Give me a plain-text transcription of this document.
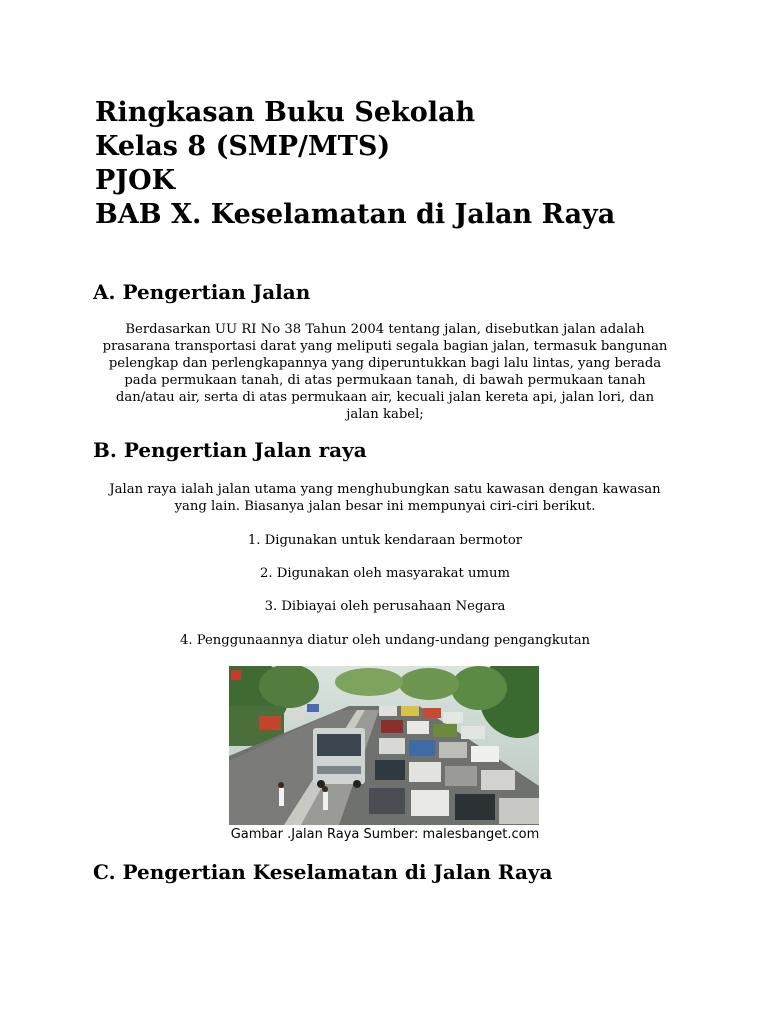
Ringkasan Buku Sekolah

Kelas 8 (SMP/MTS)

PJOK

BAB X. Keselamatan di Jalan Raya

A. Pengertian Jalan
Berdasarkan UU RI No 38 Tahun 2004 tentang jalan, disebutkan jalan adalah
prasarana transportasi darat yang meliputi segala bagian jalan, termasuk bangunan
pelengkap dan perlengkapannya yang diperuntukkan bagi lalu lintas, yang berada
pada permukaan tanah, di atas permukaan tanah, di bawah permukaan tanah
dan/atau air, serta di atas permukaan air, kecuali jalan kereta api, jalan lori, dan
jalan kabel;
B. Pengertian Jalan raya
Jalan raya ialah jalan utama yang menghubungkan satu kawasan dengan kawasan
yang lain. Biasanya jalan besar ini mempunyai ciri-ciri berikut.

1. Digunakan untuk kendaraan bermotor

2. Digunakan oleh masyarakat umum

3. Dibiayai oleh perusahaan Negara

4. Penggunaannya diatur oleh undang-undang pengangkutan

Gambar .Jalan Raya Sumber: malesbanget.com

C. Pengertian Keselamatan di Jalan Raya
